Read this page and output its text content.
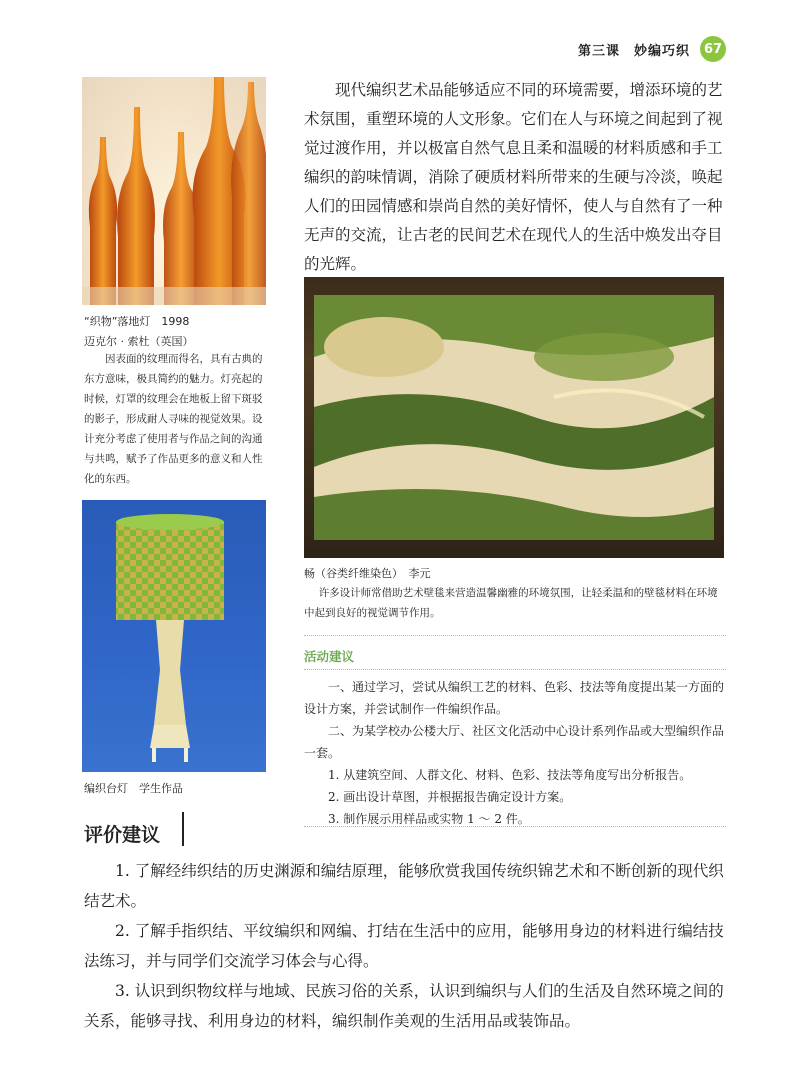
第三课　妙编巧织	67
“织物”落地灯　1998
迈克尔 · 索杜（英国）
因表面的纹理而得名，具有古典的东方意味，极具简约的魅力。灯亮起的时候，灯罩的纹理会在地板上留下斑驳的影子，形成耐人寻味的视觉效果。设计充分考虑了使用者与作品之间的沟通与共鸣，赋予了作品更多的意义和人性化的东西。
编织台灯　学生作品

现代编织艺术品能够适应不同的环境需要，增添环境的艺术氛围，重塑环境的人文形象。它们在人与环境之间起到了视觉过渡作用，并以极富自然气息且柔和温暖的材料质感和手工编织的韵味情调，消除了硬质材料所带来的生硬与冷淡，唤起人们的田园情感和崇尚自然的美好情怀，使人与自然有了一种无声的交流，让古老的民间艺术在现代人的生活中焕发出夺目的光辉。

畅（谷类纤维染色）　李元
许多设计师常借助艺术壁毯来营造温馨幽雅的环境氛围，让轻柔温和的壁毯材料在环境中起到良好的视觉调节作用。
活动建议

一、通过学习，尝试从编织工艺的材料、色彩、技法等角度提出某一方面的设计方案，并尝试制作一件编织作品。

二、为某学校办公楼大厅、社区文化活动中心设计系列作品或大型编织作品一套。

1. 从建筑空间、人群文化、材料、色彩、技法等角度写出分析报告。

2. 画出设计草图，并根据报告确定设计方案。

3. 制作展示用样品或实物 1 ～ 2 件。

评价建议

1. 了解经纬织结的历史渊源和编结原理，能够欣赏我国传统织锦艺术和不断创新的现代织结艺术。

2. 了解手指织结、平纹编织和网编、打结在生活中的应用，能够用身边的材料进行编结技法练习，并与同学们交流学习体会与心得。

3. 认识到织物纹样与地域、民族习俗的关系，认识到编织与人们的生活及自然环境之间的关系，能够寻找、利用身边的材料，编织制作美观的生活用品或装饰品。
